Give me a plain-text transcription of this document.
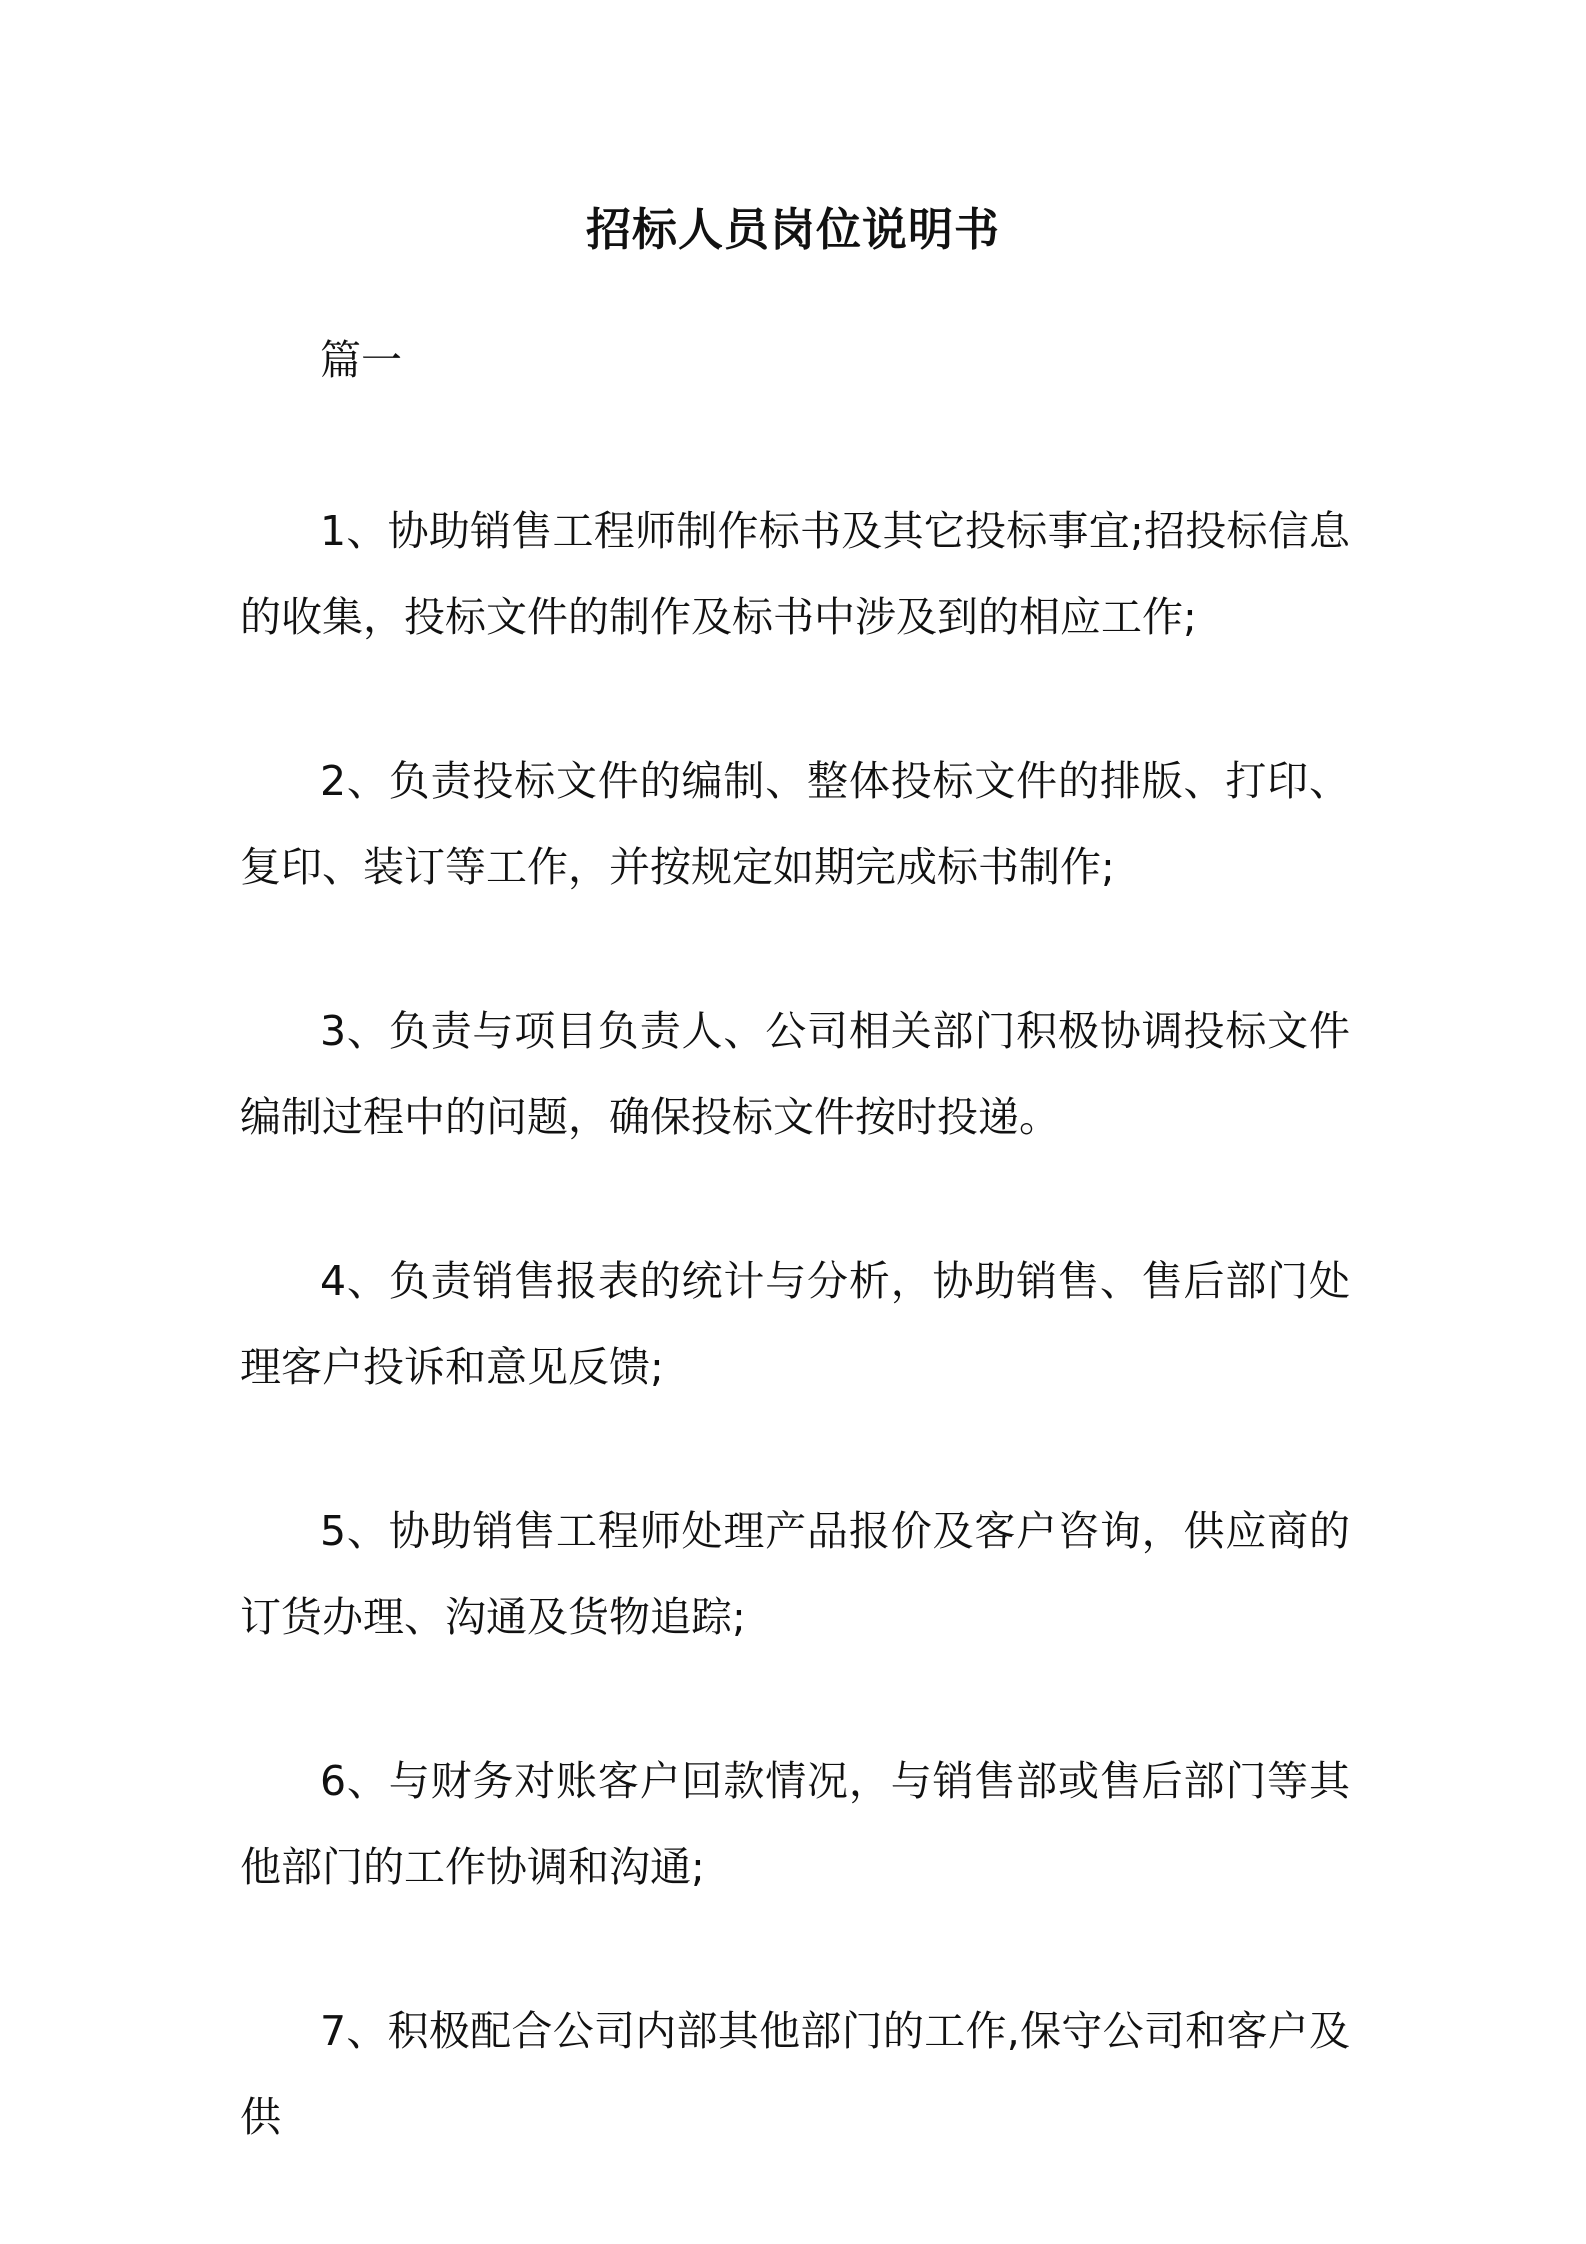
招标人员岗位说明书
篇一

1、协助销售工程师制作标书及其它投标事宜;招投标信息的收集，投标文件的制作及标书中涉及到的相应工作;

2、负责投标文件的编制、整体投标文件的排版、打印、复印、装订等工作，并按规定如期完成标书制作;

3、负责与项目负责人、公司相关部门积极协调投标文件编制过程中的问题，确保投标文件按时投递。

4、负责销售报表的统计与分析，协助销售、售后部门处理客户投诉和意见反馈;

5、协助销售工程师处理产品报价及客户咨询，供应商的订货办理、沟通及货物追踪;

6、与财务对账客户回款情况，与销售部或售后部门等其他部门的工作协调和沟通;

7、积极配合公司内部其他部门的工作,保守公司和客户及供
